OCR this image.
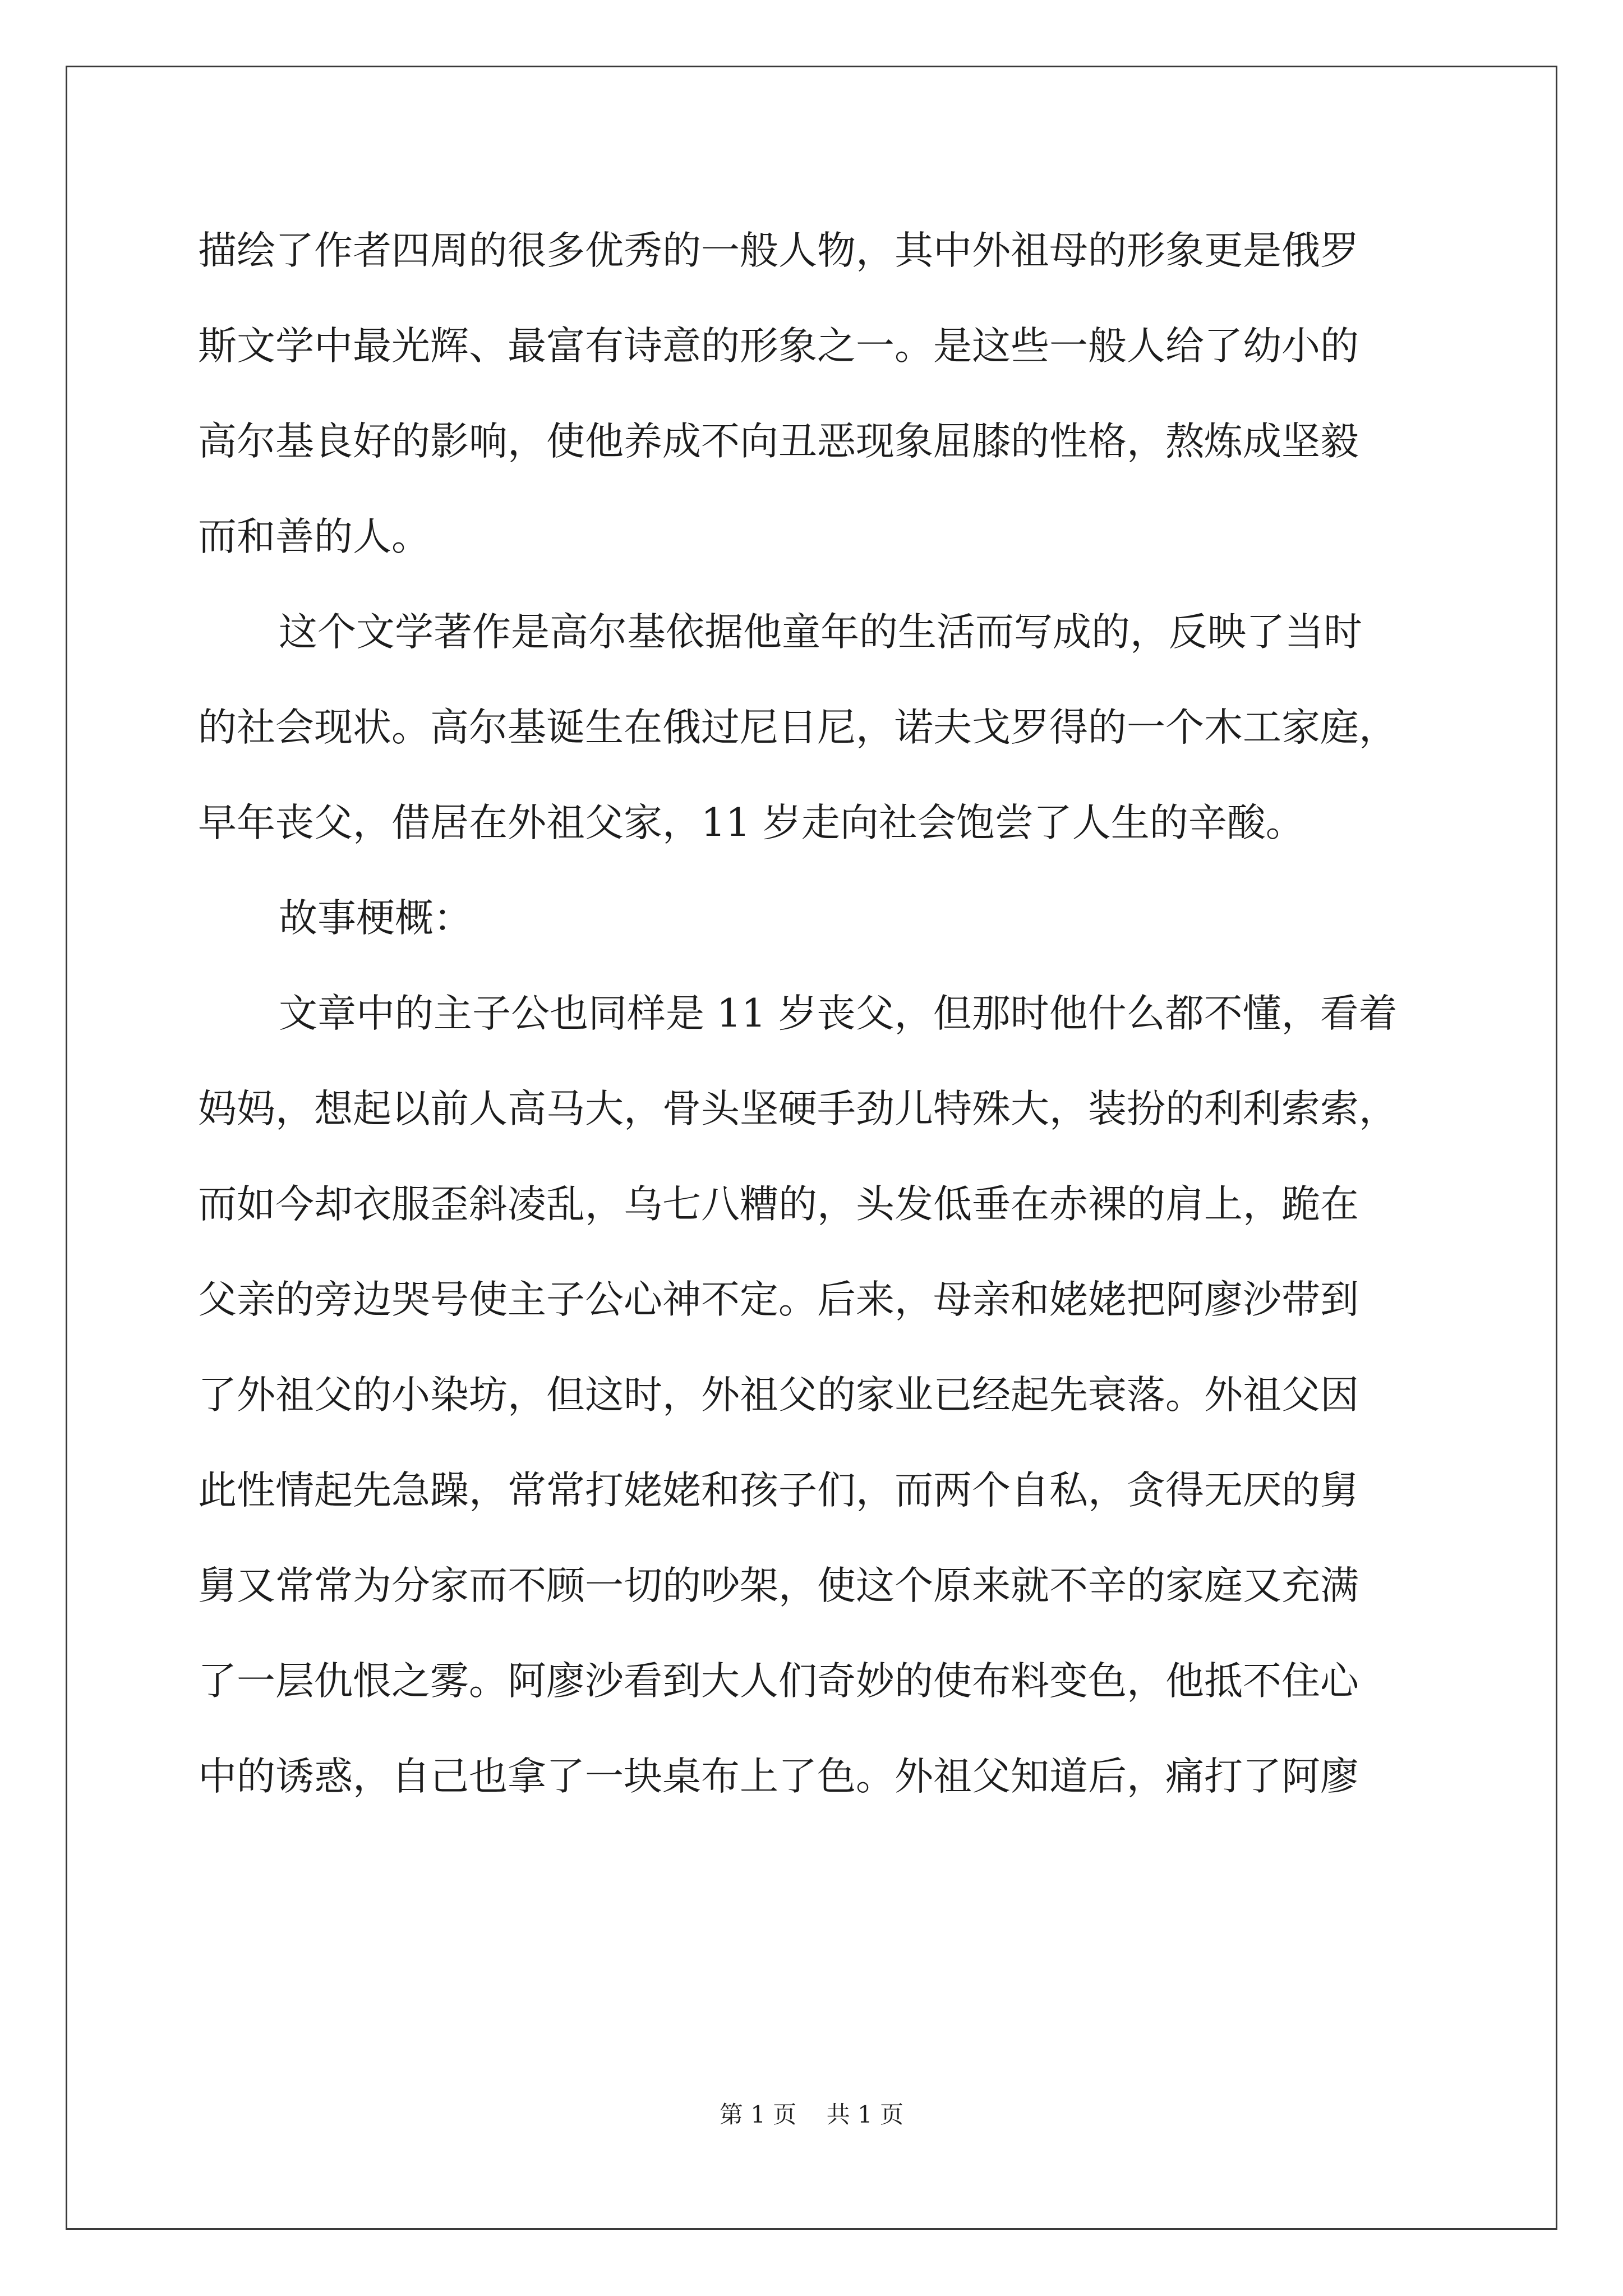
描绘了作者四周的很多优秀的一般人物，其中外祖母的形象更是俄罗
斯文学中最光辉、最富有诗意的形象之一。是这些一般人给了幼小的
高尔基良好的影响，使他养成不向丑恶现象屈膝的性格，熬炼成坚毅
而和善的人。
这个文学著作是高尔基依据他童年的生活而写成的，反映了当时
的社会现状。高尔基诞生在俄过尼日尼，诺夫戈罗得的一个木工家庭，
早年丧父，借居在外祖父家，11 岁走向社会饱尝了人生的辛酸。
故事梗概：
文章中的主子公也同样是 11 岁丧父，但那时他什么都不懂，看着
妈妈，想起以前人高马大，骨头坚硬手劲儿特殊大，装扮的利利索索，
而如今却衣服歪斜凌乱，乌七八糟的，头发低垂在赤裸的肩上，跪在
父亲的旁边哭号使主子公心神不定。后来，母亲和姥姥把阿廖沙带到
了外祖父的小染坊，但这时，外祖父的家业已经起先衰落。外祖父因
此性情起先急躁，常常打姥姥和孩子们，而两个自私，贪得无厌的舅
舅又常常为分家而不顾一切的吵架，使这个原来就不辛的家庭又充满
了一层仇恨之雾。阿廖沙看到大人们奇妙的使布料变色，他抵不住心
中的诱惑，自己也拿了一块桌布上了色。外祖父知道后，痛打了阿廖
第 1 页    共 1 页
